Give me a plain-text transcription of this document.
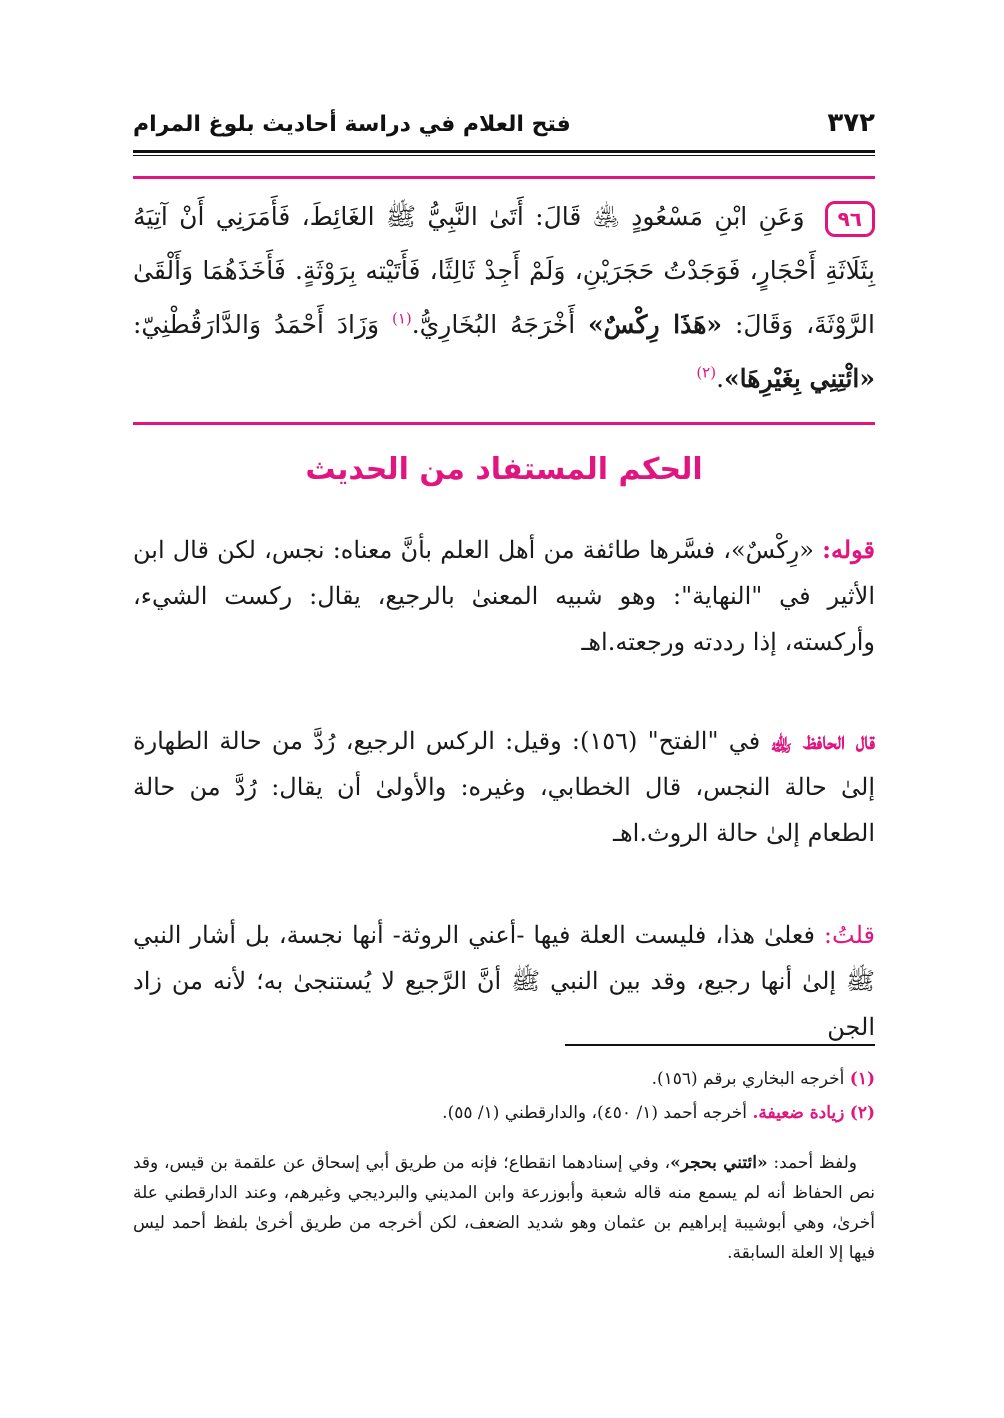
٣٧٢
فتح العلام في دراسة أحاديث بلوغ المرام
٩٦وَعَنِ ابْنِ مَسْعُودٍ ﵁ قَالَ: أَتَىٰ النَّبِيُّ ﷺ الغَائِطَ، فَأَمَرَنِي أَنْ آتِيَهُ بِثَلَاثَةِ أَحْجَارٍ، فَوَجَدْتُ حَجَرَيْنِ، وَلَمْ أَجِدْ ثَالِثًا، فَأَتَيْته بِرَوْثَةٍ. فَأَخَذَهُمَا وَأَلْقَىٰ الرَّوْثَةَ، وَقَالَ: «هَذَا رِكْسٌ» أَخْرَجَهُ البُخَارِيُّ.$^{(١)}$ وَزَادَ أَحْمَدُ وَالدَّارَقُطْنِيّ: «ائْتِنِي بِغَيْرِهَا».$^{(٢)}$
الحكم المستفاد من الحديث
قوله: «رِكْسٌ»، فسَّرها طائفة من أهل العلم بأنَّ معناه: نجس، لكن قال ابن الأثير في "النهاية": وهو شبيه المعنىٰ بالرجيع، يقال: ركست الشيء، وأركسته، إذا رددته ورجعته.اهـ
قال الحافظ ﵀ في "الفتح" (١٥٦): وقيل: الركس الرجيع، رُدَّ من حالة الطهارة إلىٰ حالة النجس، قال الخطابي، وغيره: والأولىٰ أن يقال: رُدَّ من حالة الطعام إلىٰ حالة الروث.اهـ
قلتُ: فعلىٰ هذا، فليست العلة فيها -أعني الروثة- أنها نجسة، بل أشار النبي ﷺ إلىٰ أنها رجيع، وقد بين النبي ﷺ أنَّ الرَّجيع لا يُستنجىٰ به؛ لأنه من زاد الجن
(١) أخرجه البخاري برقم (١٥٦).
(٢) زيادة ضعيفة. أخرجه أحمد (١/ ٤٥٠)، والدارقطني (١/ ٥٥).
ولفظ أحمد: «ائتني بحجر»، وفي إسنادهما انقطاع؛ فإنه من طريق أبي إسحاق عن علقمة بن قيس، وقد نص الحفاظ أنه لم يسمع منه قاله شعبة وأبوزرعة وابن المديني والبرديجي وغيرهم، وعند الدارقطني علة أخرىٰ، وهي أبوشيبة إبراهيم بن عثمان وهو شديد الضعف، لكن أخرجه من طريق أخرىٰ بلفظ أحمد ليس فيها إلا العلة السابقة.
